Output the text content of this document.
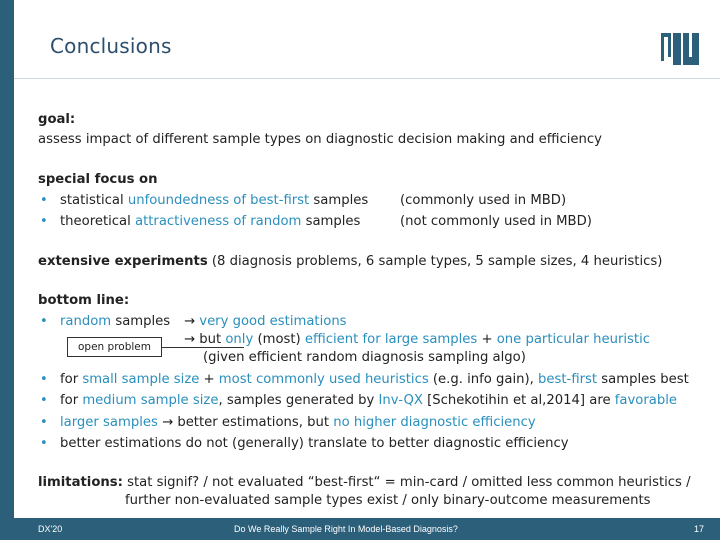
Conclusions
goal:
assess impact of different sample types on diagnostic decision making and efficiency
special focus on
• statistical unfoundedness of best-first samples (commonly used in MBD)
• theoretical attractiveness of random samples	(not commonly used in MBD)
extensive experiments (8 diagnosis problems, 6 sample types, 5 sample sizes, 4 heuristics)
bottom line:
• random samples → very good estimations
→ but only (most) efficient for large samples + one particular heuristic
(given efficient random diagnosis sampling algo)
open problem
• for small sample size + most commonly used heuristics (e.g. info gain), best-first samples best
• for medium sample size, samples generated by Inv-QX [Schekotihin et al,2014] are favorable
• larger samples → better estimations, but no higher diagnostic efficiency
• better estimations do not (generally) translate to better diagnostic efficiency
limitations: stat signif? / not evaluated “best-first“ = min-card / omitted less common heuristics /
further non-evaluated sample types exist / only binary-outcome measurements
DX'20	Do We Really Sample Right In Model-Based Diagnosis?	17
